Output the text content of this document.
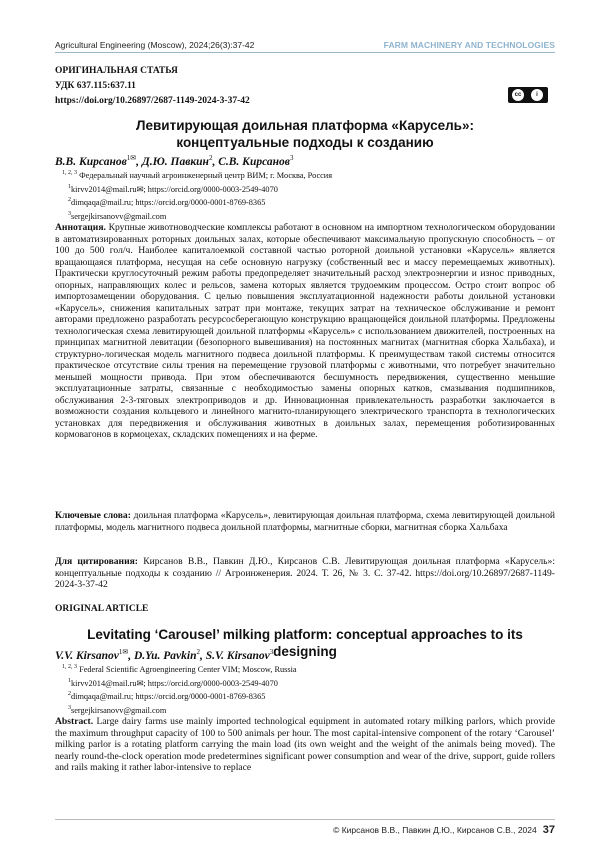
Agricultural Engineering (Moscow), 2024;26(3):37-42	FARM MACHINERY AND TECHNOLOGIES
ОРИГИНАЛЬНАЯ СТАТЬЯ
УДК 637.115:637.11
https://doi.org/10.26897/2687-1149-2024-3-37-42
cc	i
Левитирующая доильная платформа «Карусель»:
концептуальные подходы к созданию
В.В. Кирсанов$^{1✉}$, Д.Ю. Павкин$^2$, С.В. Кирсанов$^3$
$^{1, 2, 3}$ Федеральный научный агроинженерный центр ВИМ; г. Москва, Россия
$^1$kirvv2014@mail.ru✉; https://orcid.org/0000-0003-2549-4070
$^2$dimqaqa@mail.ru; https://orcid.org/0000-0001-8769-8365
$^3$sergejkirsanovv@gmail.com
Аннотация. Крупные животноводческие комплексы работают в основном на импортном технологическом оборудовании в автоматизированных роторных доильных залах, которые обеспечивают максимальную пропускную способность – от 100 до 500 гол/ч. Наиболее капиталоемкой составной частью роторной доильной установки «Карусель» является вращающаяся платформа, несущая на себе основную нагрузку (собственный вес и массу перемещаемых животных). Практически круглосуточный режим работы предопределяет значительный расход электроэнергии и износ приводных, опорных, направляющих колес и рельсов, замена которых является трудоемким процессом. Остро стоит вопрос об импортозамещении оборудования. С целью повышения эксплуатационной надежности работы доильной установки «Карусель», снижения капитальных затрат при монтаже, текущих затрат на техническое обслуживание и ремонт авторами предложено разработать ресурсосберегающую конструкцию вращающейся доильной платформы. Предложены технологическая схема левитирующей доильной платформы «Карусель» с использованием движителей, построенных на принципах магнитной левитации (безопорного вывешивания) на постоянных магнитах (магнитная сборка Хальбаха), и структурно-логическая модель магнитного подвеса доильной платформы. К преимуществам такой системы относится практическое отсутствие силы трения на перемещение грузовой платформы с животными, что потребует значительно меньшей мощности привода. При этом обеспечиваются бесшумность передвижения, существенно меньшие эксплуатационные затраты, связанные с необходимостью замены опорных катков, смазывания подшипников, обслуживания 2-3-тяговых электроприводов и др. Инновационная привлекательность разработки заключается в возможности создания кольцевого и линейного магнито-планирующего электрического транспорта в технологических установках для передвижения и обслуживания животных в доильных залах, перемещения роботизированных кормовагонов в кормоцехах, складских помещениях и на ферме.
Ключевые слова: доильная платформа «Карусель», левитирующая доильная платформа, схема левитирующей доильной платформы, модель магнитного подвеса доильной платформы, магнитные сборки, магнитная сборка Хальбаха
Для цитирования: Кирсанов В.В., Павкин Д.Ю., Кирсанов С.В. Левитирующая доильная платформа «Карусель»: концептуальные подходы к созданию // Агроинженерия. 2024. Т. 26, № 3. С. 37-42. https://doi.org/10.26897/2687-1149-2024-3-37-42
ORIGINAL ARTICLE
Levitating ‘Carousel’ milking platform: conceptual approaches to its designing
V.V. Kirsanov$^{1✉}$, D.Yu. Pavkin$^2$, S.V. Kirsanov$^3$
$^{1, 2, 3}$ Federal Scientific Agroengineering Center VIM; Moscow, Russia
$^1$kirvv2014@mail.ru✉; https://orcid.org/0000-0003-2549-4070
$^2$dimqaqa@mail.ru; https://orcid.org/0000-0001-8769-8365
$^3$sergejkirsanovv@gmail.com
Abstract. Large dairy farms use mainly imported technological equipment in automated rotary milking parlors, which provide the maximum throughput capacity of 100 to 500 animals per hour. The most capital-intensive component of the rotary ‘Carousel’ milking parlor is a rotating platform carrying the main load (its own weight and the weight of the animals being moved). The nearly round-the-clock operation mode predetermines significant power consumption and wear of the drive, support, guide rollers and rails making it rather labor-intensive to replace
© Кирсанов В.В., Павкин Д.Ю., Кирсанов С.В., 2024 37
